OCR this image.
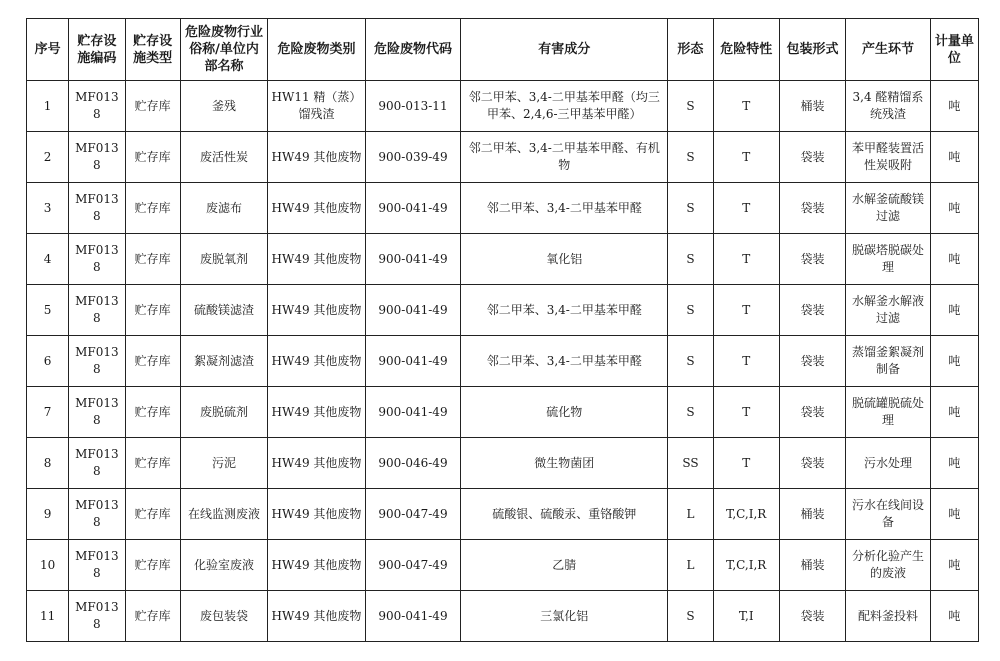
序号	贮存设施编码	贮存设施类型	危险废物行业俗称/单位内部名称	危险废物类别	危险废物代码	有害成分	形态	危险特性	包装形式	产生环节	计量单位
1	MF0138	贮存库	釜残	HW11 精（蒸）馏残渣	900-013-11	邻二甲苯、3,4-二甲基苯甲醛（均三甲苯、2,4,6-三甲基苯甲醛）	S	T	桶装	3,4 醛精馏系统残渣	吨
2	MF0138	贮存库	废活性炭	HW49 其他废物	900-039-49	邻二甲苯、3,4-二甲基苯甲醛、有机物	S	T	袋装	苯甲醛装置活性炭吸附	吨
3	MF0138	贮存库	废滤布	HW49 其他废物	900-041-49	邻二甲苯、3,4-二甲基苯甲醛	S	T	袋装	水解釜硫酸镁过滤	吨
4	MF0138	贮存库	废脱氧剂	HW49 其他废物	900-041-49	氧化铝	S	T	袋装	脱碳塔脱碳处理	吨
5	MF0138	贮存库	硫酸镁滤渣	HW49 其他废物	900-041-49	邻二甲苯、3,4-二甲基苯甲醛	S	T	袋装	水解釜水解液过滤	吨
6	MF0138	贮存库	絮凝剂滤渣	HW49 其他废物	900-041-49	邻二甲苯、3,4-二甲基苯甲醛	S	T	袋装	蒸馏釜絮凝剂制备	吨
7	MF0138	贮存库	废脱硫剂	HW49 其他废物	900-041-49	硫化物	S	T	袋装	脱硫罐脱硫处理	吨
8	MF0138	贮存库	污泥	HW49 其他废物	900-046-49	微生物菌团	SS	T	袋装	污水处理	吨
9	MF0138	贮存库	在线监测废液	HW49 其他废物	900-047-49	硫酸银、硫酸汞、重铬酸钾	L	T,C,I,R	桶装	污水在线间设备	吨
10	MF0138	贮存库	化验室废液	HW49 其他废物	900-047-49	乙腈	L	T,C,I,R	桶装	分析化验产生的废液	吨
11	MF0138	贮存库	废包装袋	HW49 其他废物	900-041-49	三氯化铝	S	T,I	袋装	配料釜投料	吨
